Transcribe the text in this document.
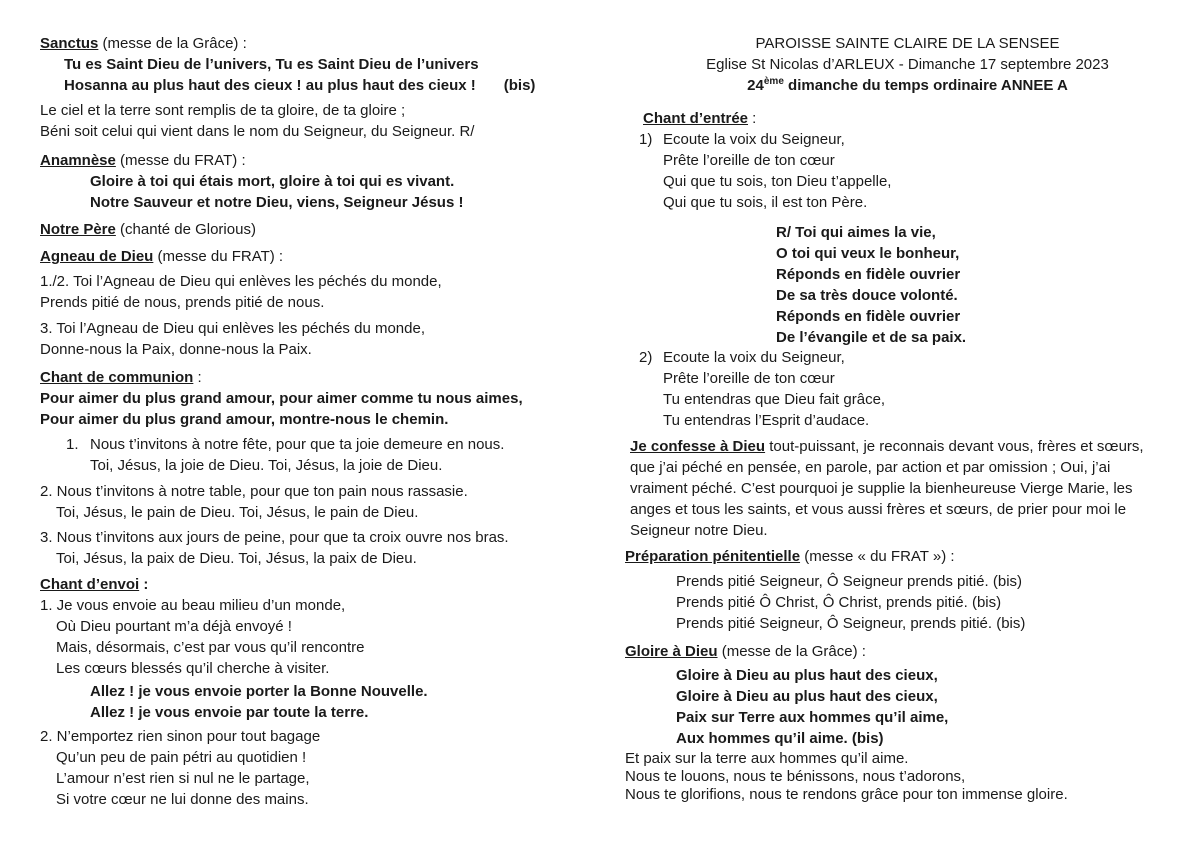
Sanctus (messe de la Grâce) :
Tu es Saint Dieu de l’univers, Tu es Saint Dieu de l’univers
Hosanna au plus haut des cieux ! au plus haut des cieux ! (bis)
Le ciel et la terre sont remplis de ta gloire, de ta gloire ;
Béni soit celui qui vient dans le nom du Seigneur, du Seigneur. R/
Anamnèse (messe du FRAT) :
Gloire à toi qui étais mort, gloire à toi qui es vivant.
Notre Sauveur et notre Dieu, viens, Seigneur Jésus !
Notre Père (chanté de Glorious)
Agneau de Dieu (messe du FRAT) :
1./2. Toi l’Agneau de Dieu qui enlèves les péchés du monde,
Prends pitié de nous, prends pitié de nous.
3. Toi l’Agneau de Dieu qui enlèves les péchés du monde,
Donne-nous la Paix, donne-nous la Paix.
Chant de communion :
Pour aimer du plus grand amour, pour aimer comme tu nous aimes,
Pour aimer du plus grand amour, montre-nous le chemin.
1. Nous t’invitons à notre fête, pour que ta joie demeure en nous.
Toi, Jésus, la joie de Dieu. Toi, Jésus, la joie de Dieu.
2. Nous t’invitons à notre table, pour que ton pain nous rassasie.
Toi, Jésus, le pain de Dieu. Toi, Jésus, le pain de Dieu.
3. Nous t’invitons aux jours de peine, pour que ta croix ouvre nos bras.
Toi, Jésus, la paix de Dieu. Toi, Jésus, la paix de Dieu.
Chant d’envoi :
1. Je vous envoie au beau milieu d’un monde,
Où Dieu pourtant m’a déjà envoyé !
Mais, désormais, c’est par vous qu’il rencontre
Les cœurs blessés qu’il cherche à visiter.
Allez ! je vous envoie porter la Bonne Nouvelle.
Allez ! je vous envoie par toute la terre.
2. N’emportez rien sinon pour tout bagage
Qu’un peu de pain pétri au quotidien !
L’amour n’est rien si nul ne le partage,
Si votre cœur ne lui donne des mains.
PAROISSE SAINTE CLAIRE DE LA SENSEE
Eglise St Nicolas d’ARLEUX - Dimanche 17 septembre 2023
24ème dimanche du temps ordinaire ANNEE A
Chant d’entrée :
1) Ecoute la voix du Seigneur,
Prête l’oreille de ton cœur
Qui que tu sois, ton Dieu t’appelle,
Qui que tu sois, il est ton Père.
R/ Toi qui aimes la vie,
O toi qui veux le bonheur,
Réponds en fidèle ouvrier
De sa très douce volonté.
Réponds en fidèle ouvrier
De l’évangile et de sa paix.
2) Ecoute la voix du Seigneur,
Prête l’oreille de ton cœur
Tu entendras que Dieu fait grâce,
Tu entendras l’Esprit d’audace.
Je confesse à Dieu tout-puissant, je reconnais devant vous, frères et sœurs,
que j’ai péché en pensée, en parole, par action et par omission ; Oui, j’ai
vraiment péché. C’est pourquoi je supplie la bienheureuse Vierge Marie, les
anges et tous les saints, et vous aussi frères et sœurs, de prier pour moi le
Seigneur notre Dieu.
Préparation pénitentielle (messe « du FRAT ») :
Prends pitié Seigneur, Ô Seigneur prends pitié. (bis)
Prends pitié Ô Christ, Ô Christ, prends pitié. (bis)
Prends pitié Seigneur, Ô Seigneur, prends pitié. (bis)
Gloire à Dieu (messe de la Grâce) :
Gloire à Dieu au plus haut des cieux,
Gloire à Dieu au plus haut des cieux,
Paix sur Terre aux hommes qu’il aime,
Aux hommes qu’il aime. (bis)
Et paix sur la terre aux hommes qu’il aime.
Nous te louons, nous te bénissons, nous t’adorons,
Nous te glorifions, nous te rendons grâce pour ton immense gloire.
